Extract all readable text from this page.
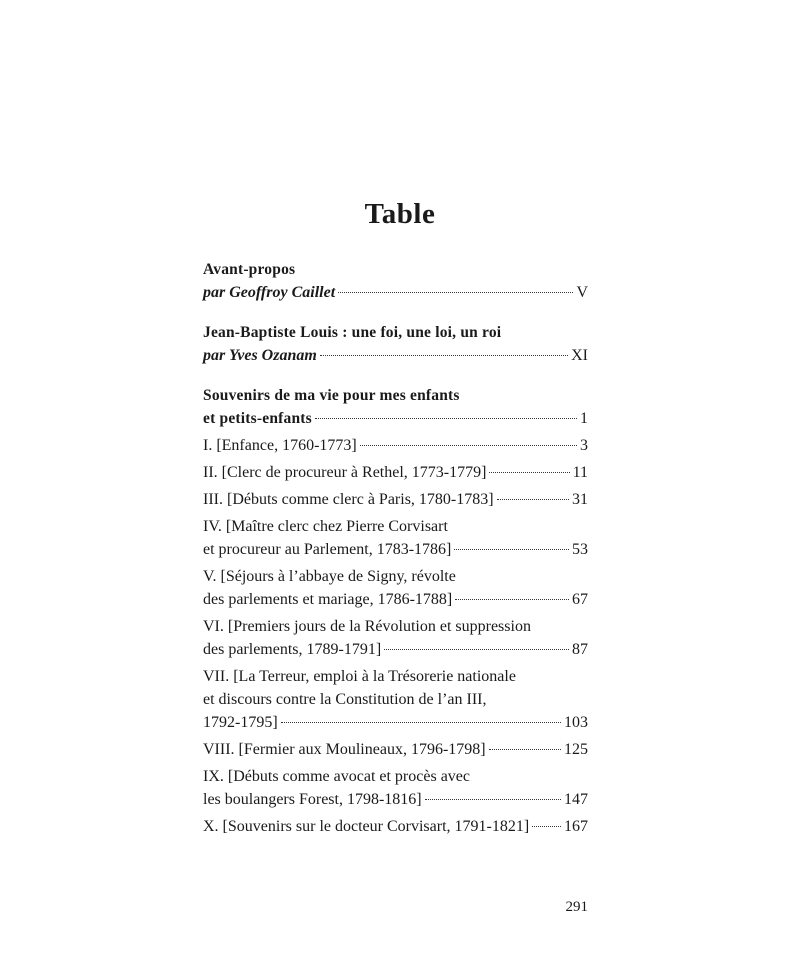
Table
Avant-propos
par Geoffroy Caillet	V
Jean-Baptiste Louis : une foi, une loi, un roi
par Yves Ozanam	XI
Souvenirs de ma vie pour mes enfants
et petits-enfants	1
I. [Enfance, 1760-1773]	3
II. [Clerc de procureur à Rethel, 1773-1779]	11
III. [Débuts comme clerc à Paris, 1780-1783]	31
IV. [Maître clerc chez Pierre Corvisart
et procureur au Parlement, 1783-1786]	53
V. [Séjours à l’abbaye de Signy, révolte
des parlements et mariage, 1786-1788]	67
VI. [Premiers jours de la Révolution et suppression
des parlements, 1789-1791]	87
VII. [La Terreur, emploi à la Trésorerie nationale
et discours contre la Constitution de l’an III,
1792-1795]	103
VIII. [Fermier aux Moulineaux, 1796-1798]	125
IX. [Débuts comme avocat et procès avec
les boulangers Forest, 1798-1816]	147
X. [Souvenirs sur le docteur Corvisart, 1791-1821] 167
291
